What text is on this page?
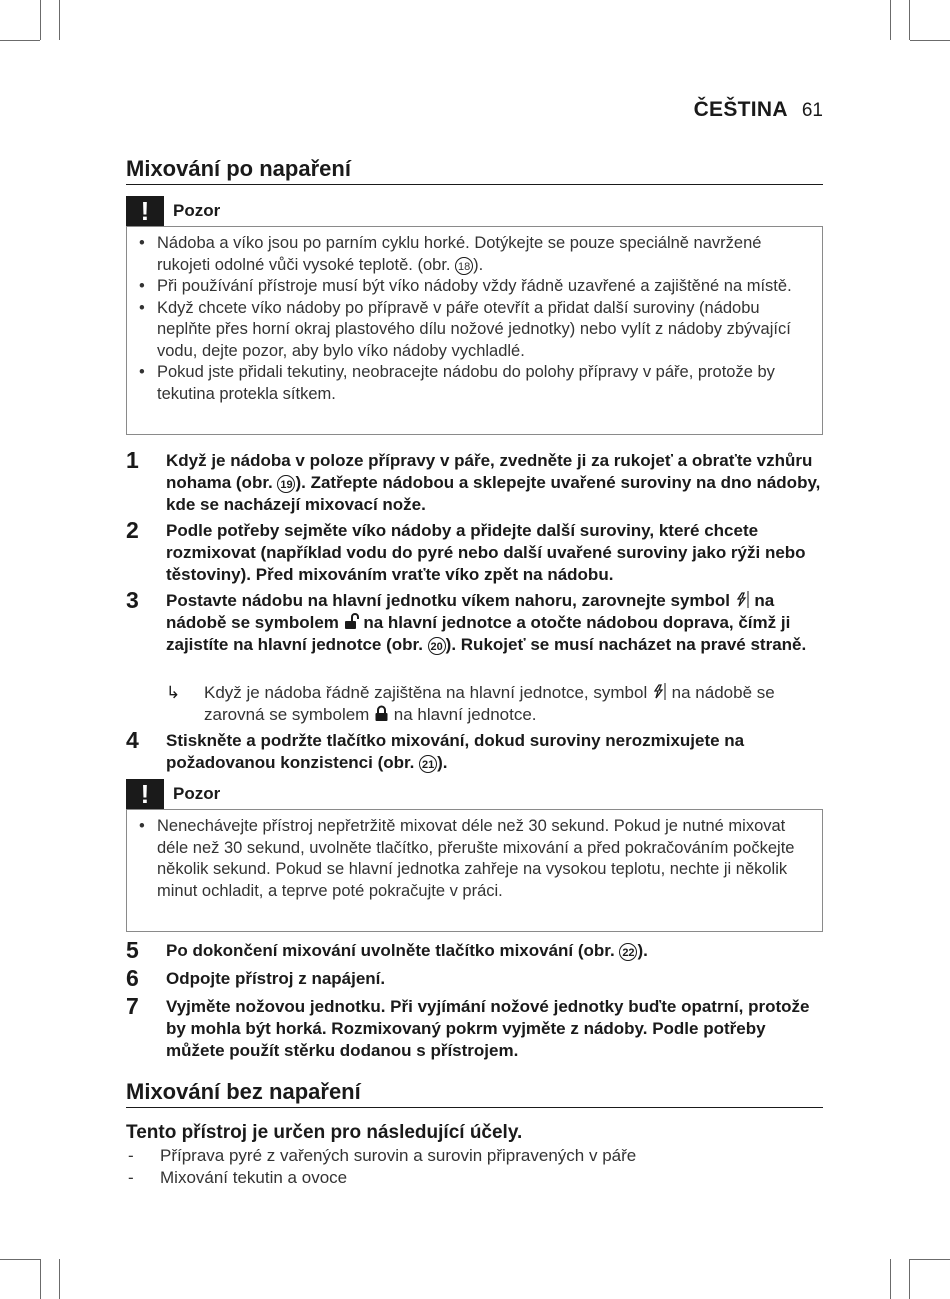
ČEŠTINA 61
Mixování po napaření
!	Pozor
• Nádoba a víko jsou po parním cyklu horké. Dotýkejte se pouze speciálně navržené rukojeti odolné vůči vysoké teplotě. (obr. 18 ).
• Při používání přístroje musí být víko nádoby vždy řádně uzavřené a zajištěné na místě.
• Když chcete víko nádoby po přípravě v páře otevřít a přidat další suroviny (nádobu neplňte přes horní okraj plastového dílu nožové jednotky) nebo vylít z nádoby zbývající vodu, dejte pozor, aby bylo víko nádoby vychladlé.
• Pokud jste přidali tekutiny, neobracejte nádobu do polohy přípravy v páře, protože by tekutina protekla sítkem.
1	Když je nádoba v poloze přípravy v páře, zvedněte ji za rukojeť a obraťte vzhůru nohama (obr. 19 ). Zatřepte nádobou a sklepejte uvařené suroviny na dno nádoby, kde se nacházejí mixovací nože.
2	Podle potřeby sejměte víko nádoby a přidejte další suroviny, které chcete rozmixovat (například vodu do pyré nebo další uvařené suroviny jako rýži nebo těstoviny). Před mixováním vraťte víko zpět na nádobu.
3	Postavte nádobu na hlavní jednotku víkem nahoru, zarovnejte symbol  na nádobě se symbolem  na hlavní jednotce a otočte nádobou doprava, čímž ji zajistíte na hlavní jednotce (obr. 20 ). Rukojeť se musí nacházet na pravé straně.
↳	Když je nádoba řádně zajištěna na hlavní jednotce, symbol  na nádobě se zarovná se symbolem  na hlavní jednotce.
4	Stiskněte a podržte tlačítko mixování, dokud suroviny nerozmixujete na požadovanou konzistenci (obr. 21 ).
!	Pozor
• Nenechávejte přístroj nepřetržitě mixovat déle než 30 sekund. Pokud je nutné mixovat déle než 30 sekund, uvolněte tlačítko, přerušte mixování a před pokračováním počkejte několik sekund. Pokud se hlavní jednotka zahřeje na vysokou teplotu, nechte ji několik minut ochladit, a teprve poté pokračujte v práci.
5	Po dokončení mixování uvolněte tlačítko mixování (obr. 22 ).
6	Odpojte přístroj z napájení.
7	Vyjměte nožovou jednotku. Při vyjímání nožové jednotky buďte opatrní, protože by mohla být horká. Rozmixovaný pokrm vyjměte z nádoby. Podle potřeby můžete použít stěrku dodanou s přístrojem.
Mixování bez napaření
Tento přístroj je určen pro následující účely.
- Příprava pyré z vařených surovin a surovin připravených v páře
- Mixování tekutin a ovoce
